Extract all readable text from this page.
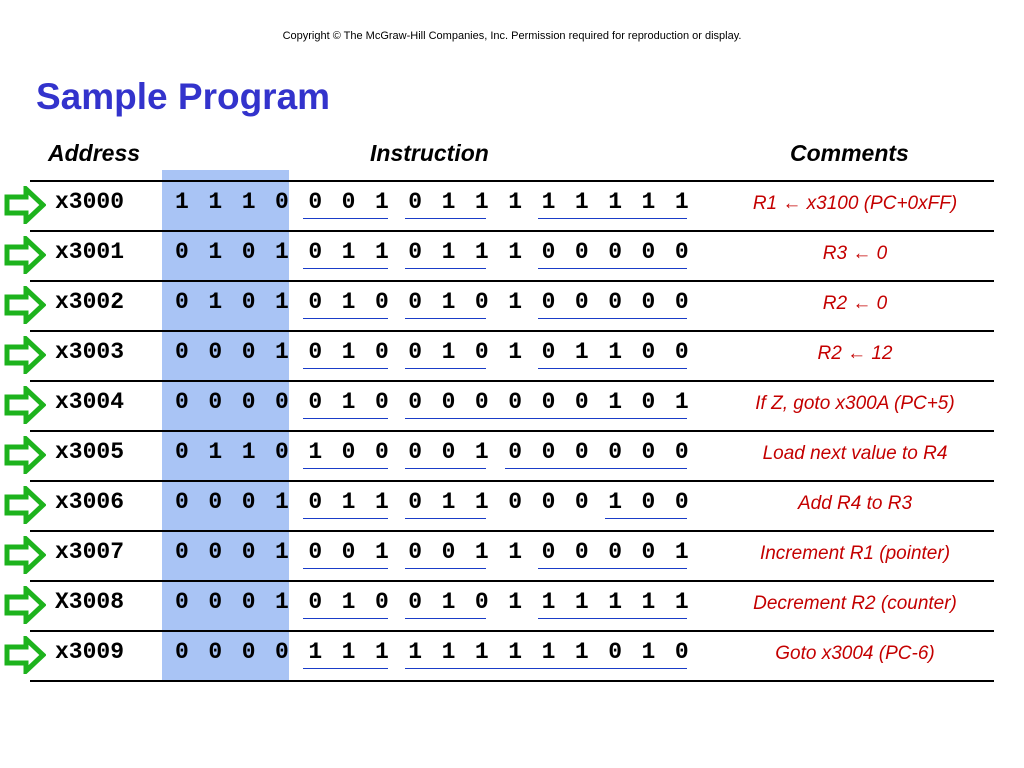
Copyright © The McGraw-Hill Companies, Inc. Permission required for reproduction or display.
Sample Program
Address	Instruction	Comments
x3000 1 1 1 0 0 0 1 0 1 1 1 1 1 1 1 1	R1 ← x3100 (PC+0xFF)
x3001 0 1 0 1 0 1 1 0 1 1 1 0 0 0 0 0	R3 ← 0
x3002 0 1 0 1 0 1 0 0 1 0 1 0 0 0 0 0	R2 ← 0
x3003 0 0 0 1 0 1 0 0 1 0 1 0 1 1 0 0	R2 ← 12
x3004 0 0 0 0 0 1 0 0 0 0 0 0 0 1 0 1	If Z, goto x300A (PC+5)
x3005 0 1 1 0 1 0 0 0 0 1 0 0 0 0 0 0	Load next value to R4
x3006 0 0 0 1 0 1 1 0 1 1 0 0 0 1 0 0	Add R4 to R3
x3007 0 0 0 1 0 0 1 0 0 1 1 0 0 0 0 1	Increment R1 (pointer)
X3008 0 0 0 1 0 1 0 0 1 0 1 1 1 1 1 1	Decrement R2 (counter)
x3009 0 0 0 0 1 1 1 1 1 1 1 1 1 0 1 0	Goto x3004 (PC-6)
